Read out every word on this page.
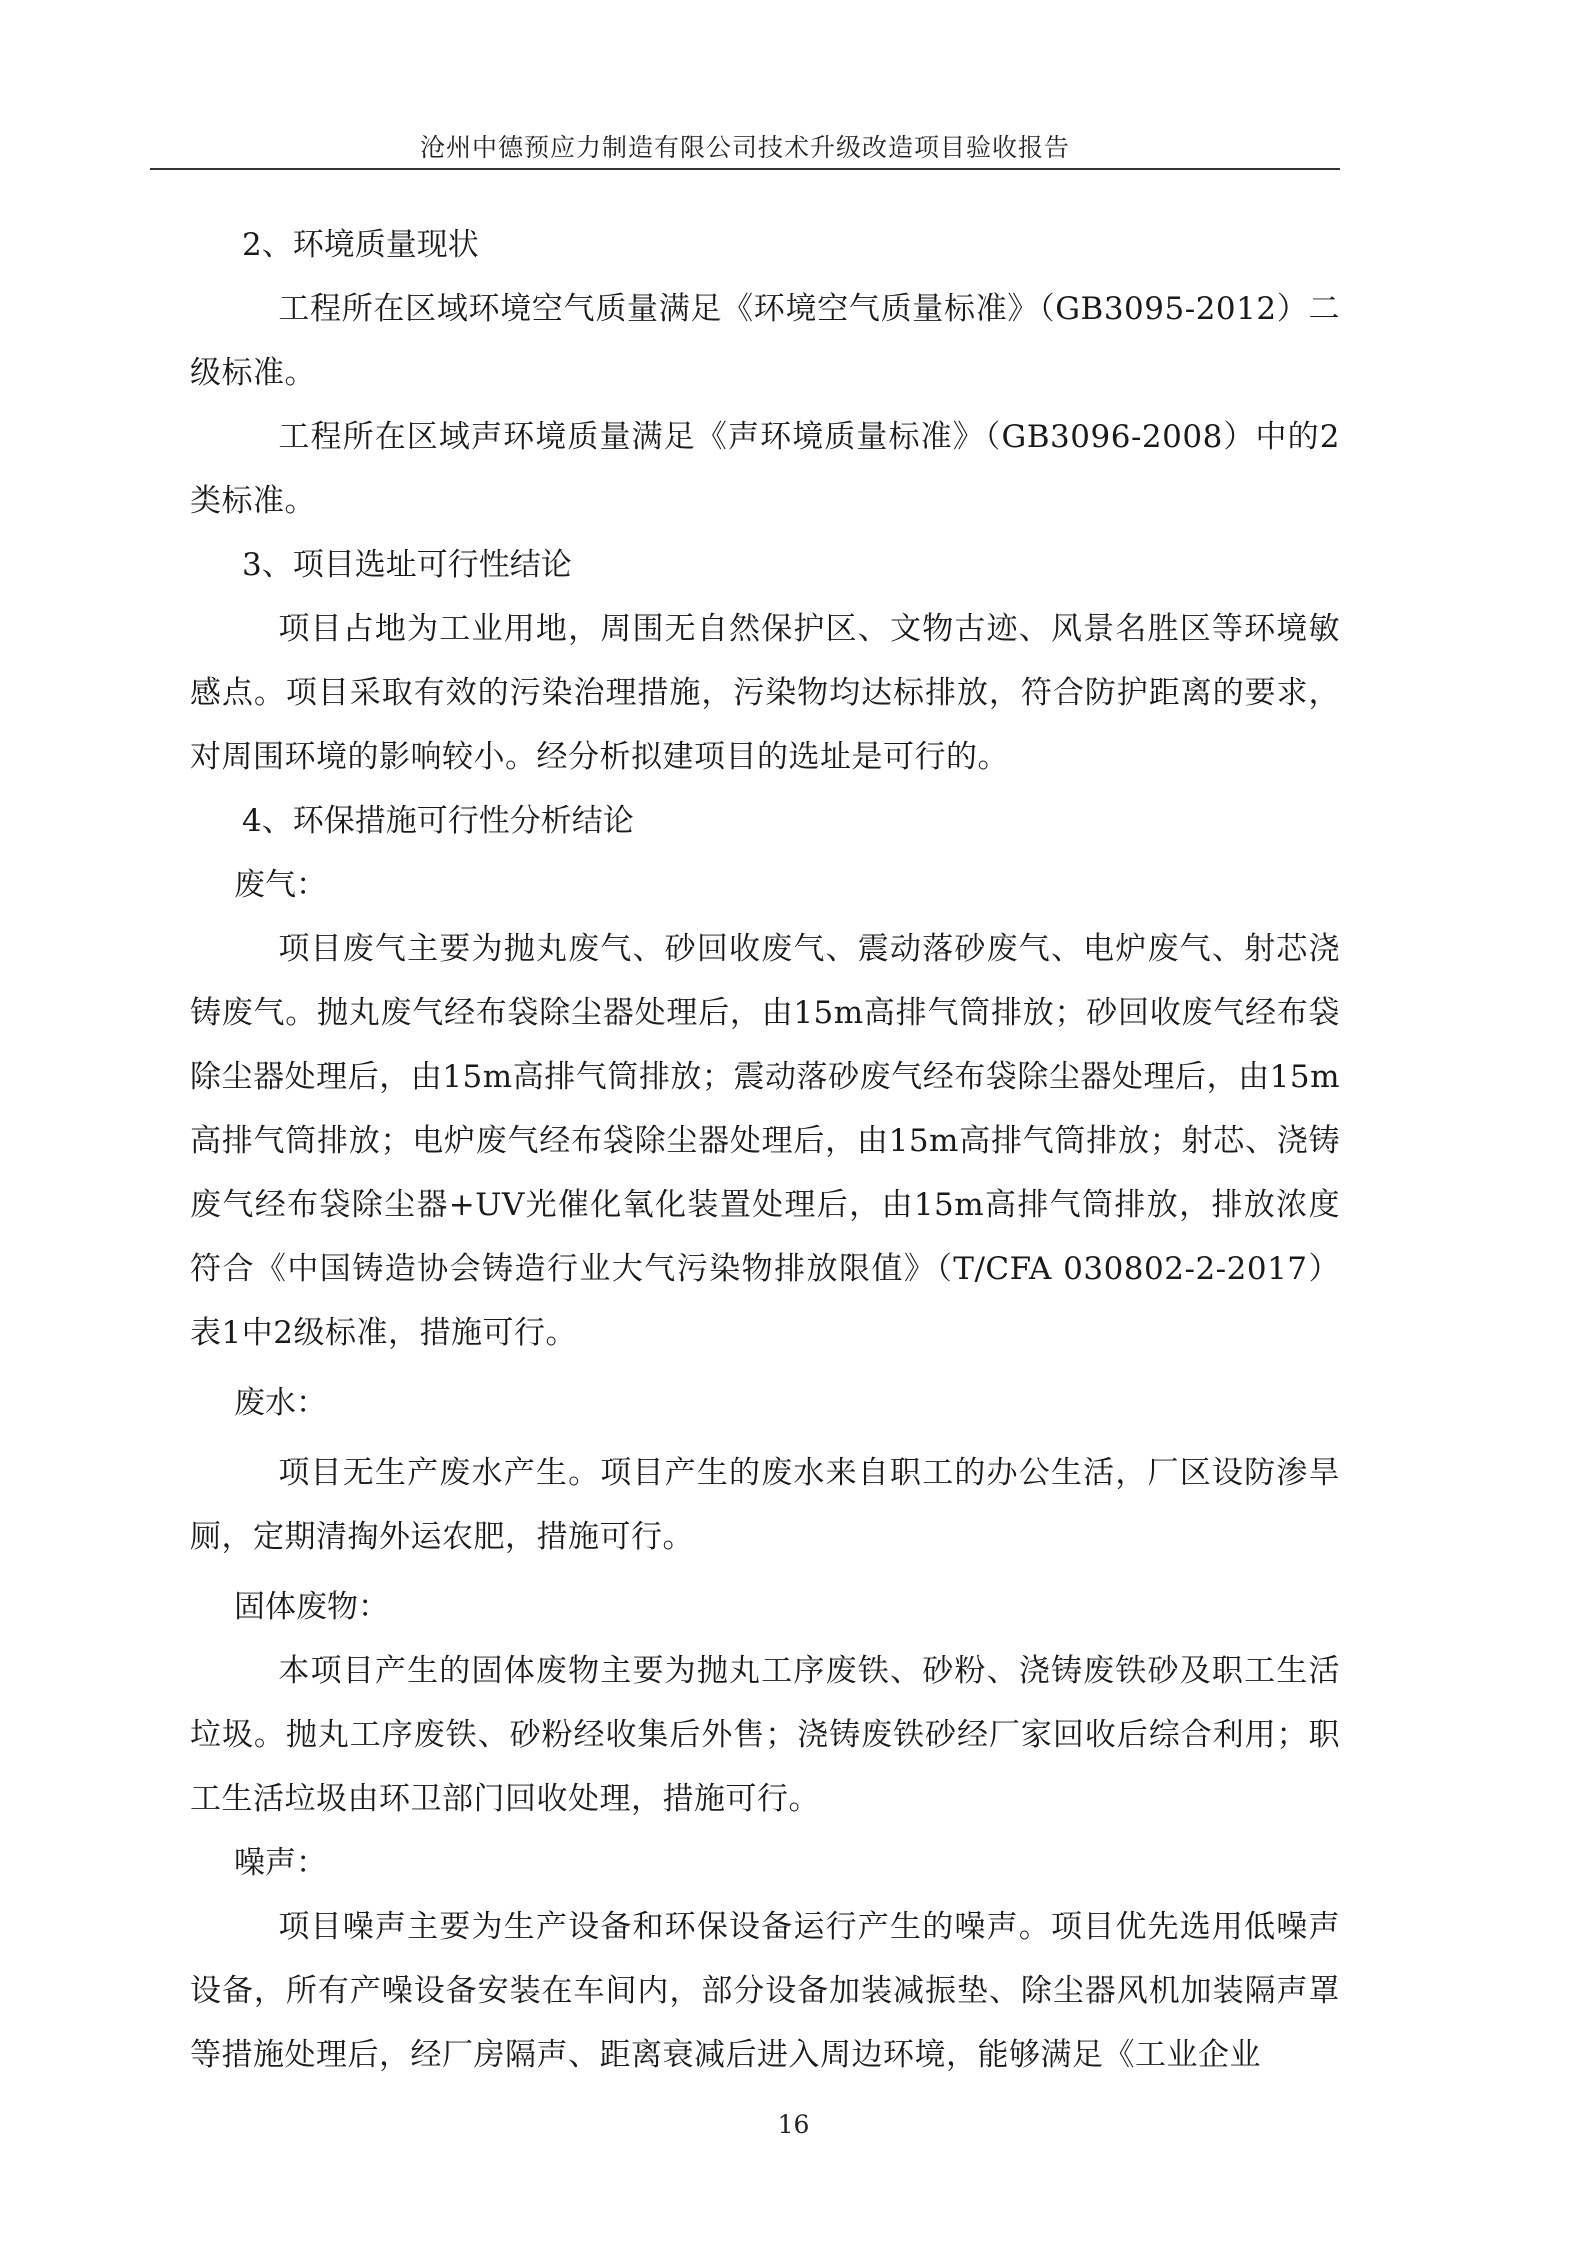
沧州中德预应力制造有限公司技术升级改造项目验收报告

2、环境质量现状

工程所在区域环境空气质量满足《环境空气质量标准》（GB3095-2012）二级标准。

工程所在区域声环境质量满足《声环境质量标准》（GB3096-2008）中的2类标准。

3、项目选址可行性结论

项目占地为工业用地，周围无自然保护区、文物古迹、风景名胜区等环境敏感点。项目采取有效的污染治理措施，污染物均达标排放，符合防护距离的要求，对周围环境的影响较小。经分析拟建项目的选址是可行的。

4、环保措施可行性分析结论

废气：

项目废气主要为抛丸废气、砂回收废气、震动落砂废气、电炉废气、射芯浇铸废气。抛丸废气经布袋除尘器处理后，由15m高排气筒排放；砂回收废气经布袋除尘器处理后，由15m高排气筒排放；震动落砂废气经布袋除尘器处理后，由15m高排气筒排放；电炉废气经布袋除尘器处理后，由15m高排气筒排放；射芯、浇铸废气经布袋除尘器+UV光催化氧化装置处理后，由15m高排气筒排放，排放浓度符合《中国铸造协会铸造行业大气污染物排放限值》（T/CFA 030802-2-2017）表1中2级标准，措施可行。

废水：

项目无生产废水产生。项目产生的废水来自职工的办公生活，厂区设防渗旱厕，定期清掏外运农肥，措施可行。

固体废物：

本项目产生的固体废物主要为抛丸工序废铁、砂粉、浇铸废铁砂及职工生活垃圾。抛丸工序废铁、砂粉经收集后外售；浇铸废铁砂经厂家回收后综合利用；职工生活垃圾由环卫部门回收处理，措施可行。

噪声：

项目噪声主要为生产设备和环保设备运行产生的噪声。项目优先选用低噪声设备，所有产噪设备安装在车间内，部分设备加装减振垫、除尘器风机加装隔声罩等措施处理后，经厂房隔声、距离衰减后进入周边环境，能够满足《工业企业

16
